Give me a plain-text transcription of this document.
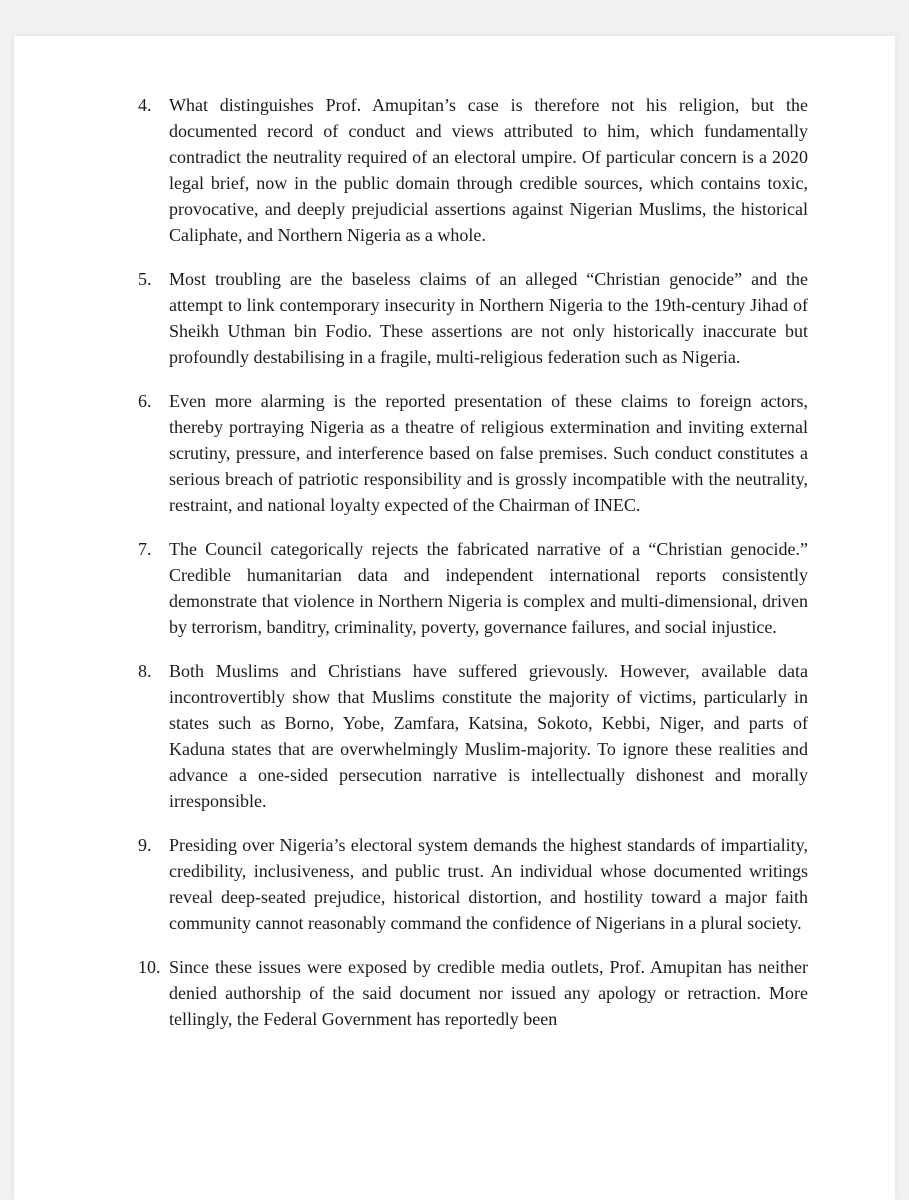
4. What distinguishes Prof. Amupitan’s case is therefore not his religion, but the documented record of conduct and views attributed to him, which fundamentally contradict the neutrality required of an electoral umpire. Of particular concern is a 2020 legal brief, now in the public domain through credible sources, which contains toxic, provocative, and deeply prejudicial assertions against Nigerian Muslims, the historical Caliphate, and Northern Nigeria as a whole.
5. Most troubling are the baseless claims of an alleged “Christian genocide” and the attempt to link contemporary insecurity in Northern Nigeria to the 19th-century Jihad of Sheikh Uthman bin Fodio. These assertions are not only historically inaccurate but profoundly destabilising in a fragile, multi-religious federation such as Nigeria.
6. Even more alarming is the reported presentation of these claims to foreign actors, thereby portraying Nigeria as a theatre of religious extermination and inviting external scrutiny, pressure, and interference based on false premises. Such conduct constitutes a serious breach of patriotic responsibility and is grossly incompatible with the neutrality, restraint, and national loyalty expected of the Chairman of INEC.
7. The Council categorically rejects the fabricated narrative of a “Christian genocide.” Credible humanitarian data and independent international reports consistently demonstrate that violence in Northern Nigeria is complex and multi-dimensional, driven by terrorism, banditry, criminality, poverty, governance failures, and social injustice.
8. Both Muslims and Christians have suffered grievously. However, available data incontrovertibly show that Muslims constitute the majority of victims, particularly in states such as Borno, Yobe, Zamfara, Katsina, Sokoto, Kebbi, Niger, and parts of Kaduna states that are overwhelmingly Muslim-majority. To ignore these realities and advance a one-sided persecution narrative is intellectually dishonest and morally irresponsible.
9. Presiding over Nigeria’s electoral system demands the highest standards of impartiality, credibility, inclusiveness, and public trust. An individual whose documented writings reveal deep-seated prejudice, historical distortion, and hostility toward a major faith community cannot reasonably command the confidence of Nigerians in a plural society.
10. Since these issues were exposed by credible media outlets, Prof. Amupitan has neither denied authorship of the said document nor issued any apology or retraction. More tellingly, the Federal Government has reportedly been
